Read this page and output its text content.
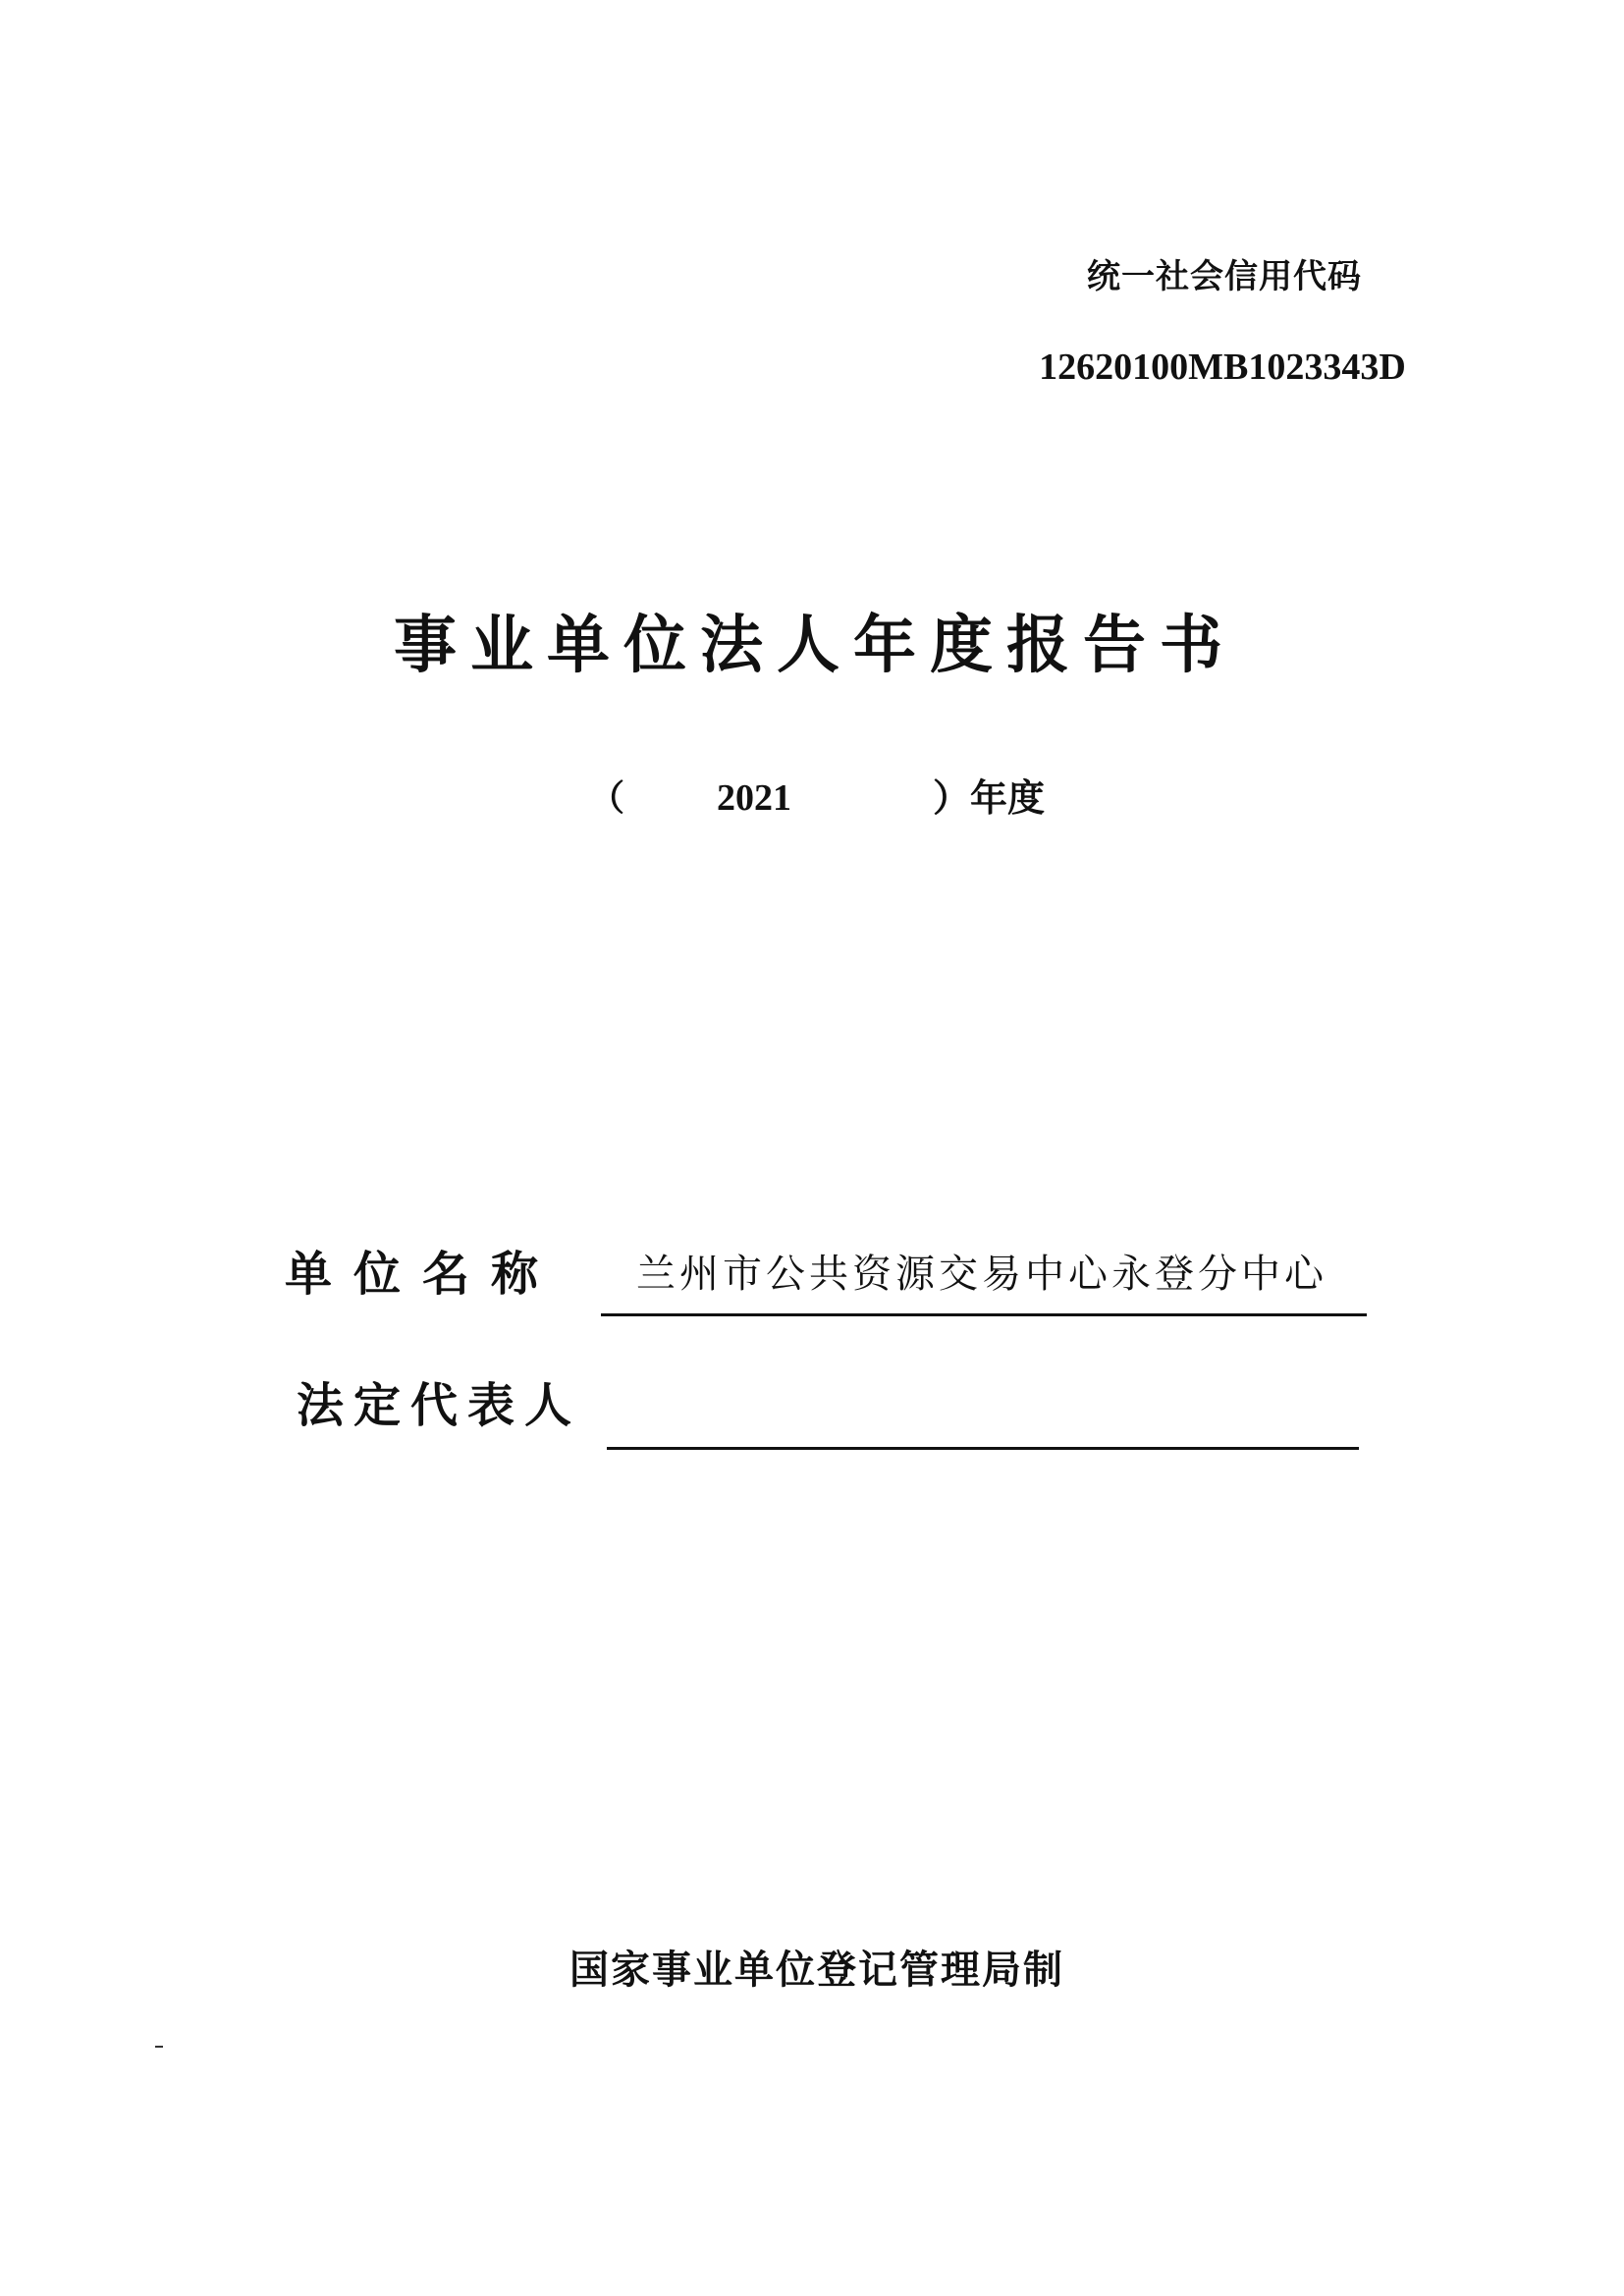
统一社会信用代码
12620100MB1023343D
事业单位法人年度报告书
（ 2021	）年度
单位名称 兰州市公共资源交易中心永登分中心
法定代表人
国家事业单位登记管理局制
